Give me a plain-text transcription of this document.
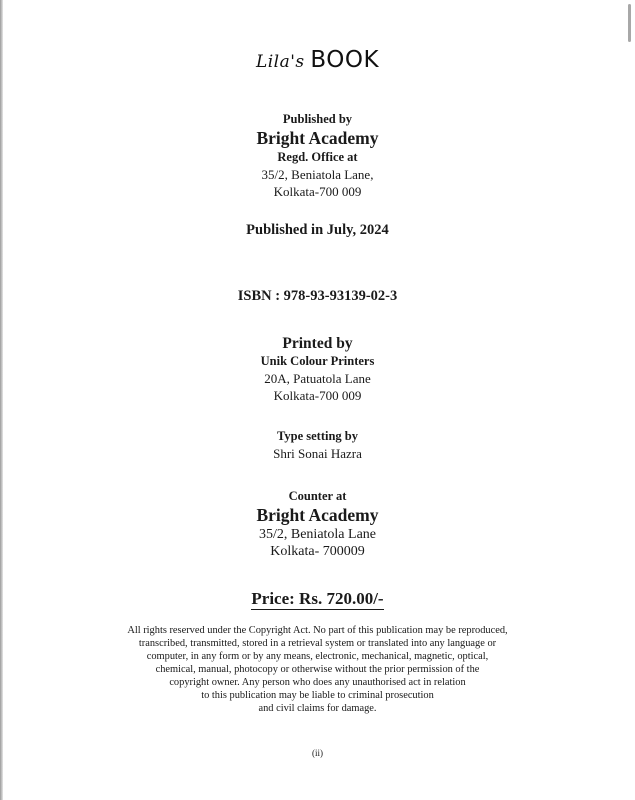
Lila's BOOK
Published by
Bright Academy
Regd. Office at
35/2, Beniatola Lane,
Kolkata-700 009
Published in July, 2024
ISBN : 978-93-93139-02-3
Printed by
Unik Colour Printers
20A, Patuatola Lane
Kolkata-700 009
Type setting by
Shri Sonai Hazra
Counter at
Bright Academy
35/2, Beniatola Lane
Kolkata- 700009
Price: Rs. 720.00/-
All rights reserved under the Copyright Act. No part of this publication may be reproduced,
transcribed, transmitted, stored in a retrieval system or translated into any language or
computer, in any form or by any means, electronic, mechanical, magnetic, optical,
chemical, manual, photocopy or otherwise without the prior permission of the
copyright owner. Any person who does any unauthorised act in relation
to this publication may be liable to criminal prosecution
and civil claims for damage.
(ii)
